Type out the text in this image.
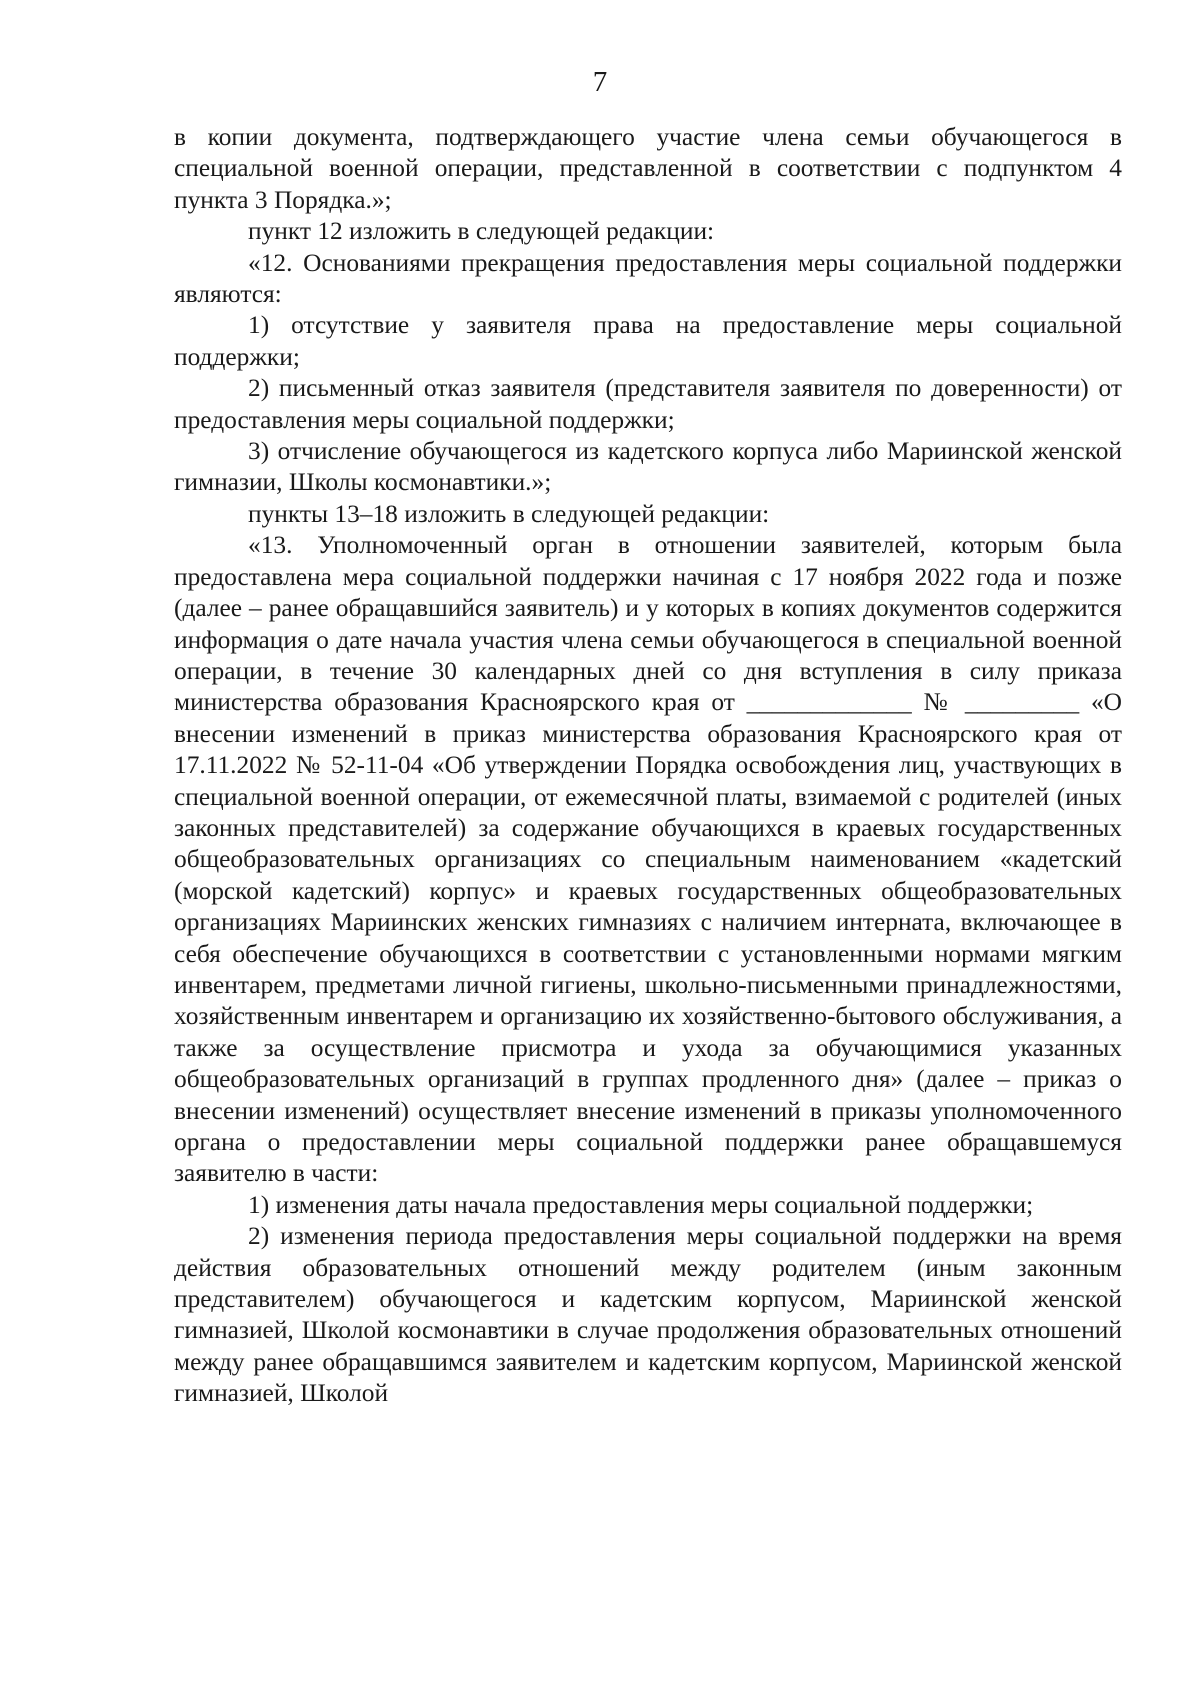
7

в копии документа, подтверждающего участие члена семьи обучающегося в специальной военной операции, представленной в соответствии с подпунктом 4 пункта 3 Порядка.»;

пункт 12 изложить в следующей редакции:

«12. Основаниями прекращения предоставления меры социальной поддержки являются:

1) отсутствие у заявителя права на предоставление меры социальной поддержки;

2) письменный отказ заявителя (представителя заявителя по доверенности) от предоставления меры социальной поддержки;

3) отчисление обучающегося из кадетского корпуса либо Мариинской женской гимназии, Школы космонавтики.»;

пункты 13–18 изложить в следующей редакции:

«13. Уполномоченный орган в отношении заявителей, которым была предоставлена мера социальной поддержки начиная с 17 ноября 2022 года и позже (далее – ранее обращавшийся заявитель) и у которых в копиях документов содержится информация о дате начала участия члена семьи обучающегося в специальной военной операции, в течение 30 календарных дней со дня вступления в силу приказа министерства образования Красноярского края от _____________ № _________ «О внесении изменений в приказ министерства образования Красноярского края от 17.11.2022 № 52-11-04 «Об утверждении Порядка освобождения лиц, участвующих в специальной военной операции, от ежемесячной платы, взимаемой с родителей (иных законных представителей) за содержание обучающихся в краевых государственных общеобразовательных организациях со специальным наименованием «кадетский (морской кадетский) корпус» и краевых государственных общеобразовательных организациях Мариинских женских гимназиях с наличием интерната, включающее в себя обеспечение обучающихся в соответствии с установленными нормами мягким инвентарем, предметами личной гигиены, школьно-письменными принадлежностями, хозяйственным инвентарем и организацию их хозяйственно-бытового обслуживания, а также за осуществление присмотра и ухода за обучающимися указанных общеобразовательных организаций в группах продленного дня» (далее – приказ о внесении изменений) осуществляет внесение изменений в приказы уполномоченного органа о предоставлении меры социальной поддержки ранее обращавшемуся заявителю в части:

1) изменения даты начала предоставления меры социальной поддержки;

2) изменения периода предоставления меры социальной поддержки на время действия образовательных отношений между родителем (иным законным представителем) обучающегося и кадетским корпусом, Мариинской женской гимназией, Школой космонавтики в случае продолжения образовательных отношений между ранее обращавшимся заявителем и кадетским корпусом, Мариинской женской гимназией, Школой
